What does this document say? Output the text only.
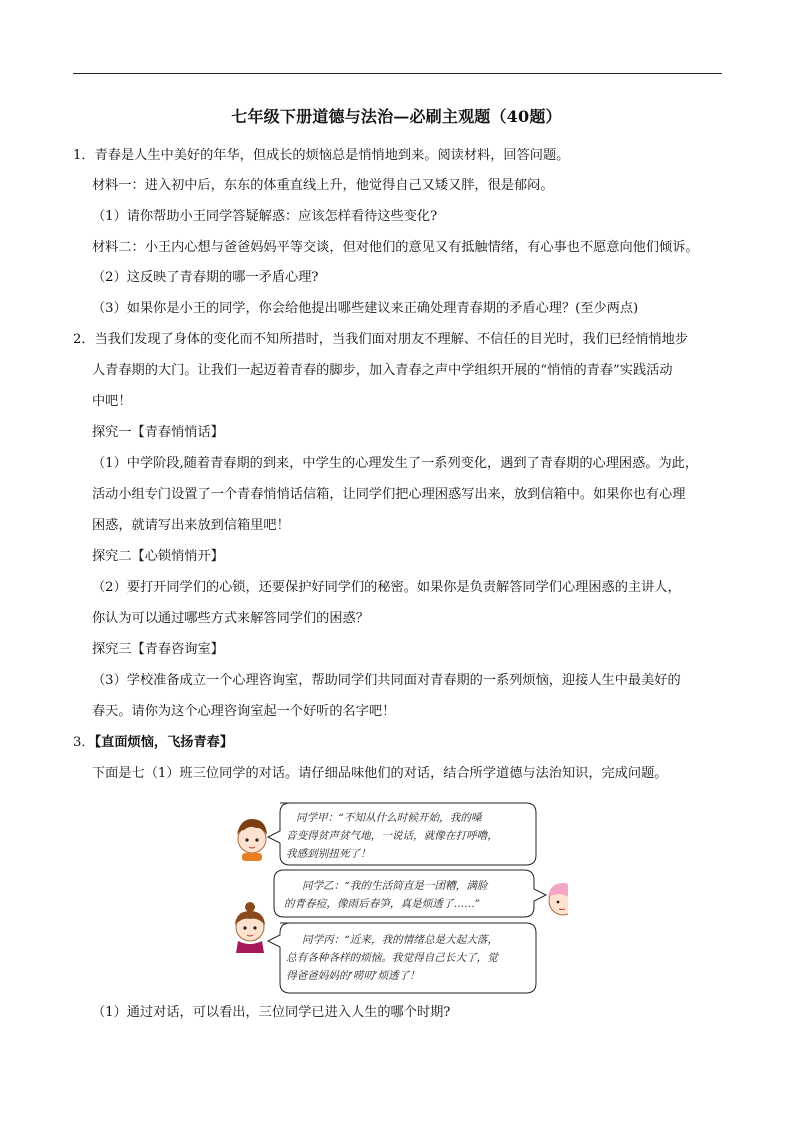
七年级下册道德与法治—必刷主观题（40题）
1．青春是人生中美好的年华，但成长的烦恼总是悄悄地到来。阅读材料，回答问题。
材料一：进入初中后，东东的体重直线上升，他觉得自己又矮又胖，很是郁闷。
（1）请你帮助小王同学答疑解惑：应该怎样看待这些变化?
材料二：小王内心想与爸爸妈妈平等交谈，但对他们的意见又有抵触情绪，有心事也不愿意向他们倾诉。
（2）这反映了青春期的哪一矛盾心理?
（3）如果你是小王的同学，你会给他提出哪些建议来正确处理青春期的矛盾心理？(至少两点)
2．当我们发现了身体的变化而不知所措时，当我们面对朋友不理解、不信任的目光时，我们已经悄悄地步
人青春期的大门。让我们一起迈着青春的脚步，加入青春之声中学组织开展的“悄悄的青春”实践活动
中吧！
探究一【青春悄悄话】
（1）中学阶段,随着青春期的到来，中学生的心理发生了一系列变化，遇到了青春期的心理困惑。为此，
活动小组专门设置了一个青春悄悄话信箱，让同学们把心理困惑写出来，放到信箱中。如果你也有心理
困惑，就请写出来放到信箱里吧！
探究二【心锁悄悄开】
（2）要打开同学们的心锁，还要保护好同学们的秘密。如果你是负责解答同学们心理困惑的主讲人，
你认为可以通过哪些方式来解答同学们的困惑？
探究三【青春咨询室】
（3）学校准备成立一个心理咨询室，帮助同学们共同面对青春期的一系列烦恼，迎接人生中最美好的
春天。请你为这个心理咨询室起一个好听的名字吧！
3．【直面烦恼，飞扬青春】
下面是七（1）班三位同学的对话。请仔细品味他们的对话，结合所学道德与法治知识，完成问题。
同学甲：“不知从什么时候开始，我的嗓
音变得贫声贫气地，一说话，就像在打呼噜，
我感到别扭死了！
同学乙：“我的生活简直是一团糟，满脸
的青春痘，像雨后春笋，真是烦透了……”
同学丙：“近来，我的情绪总是大起大落，
总有各种各样的烦恼。我觉得自己长大了，觉
得爸爸妈妈的‘唠叨’烦透了！
（1）通过对话，可以看出，三位同学已进入人生的哪个时期?
